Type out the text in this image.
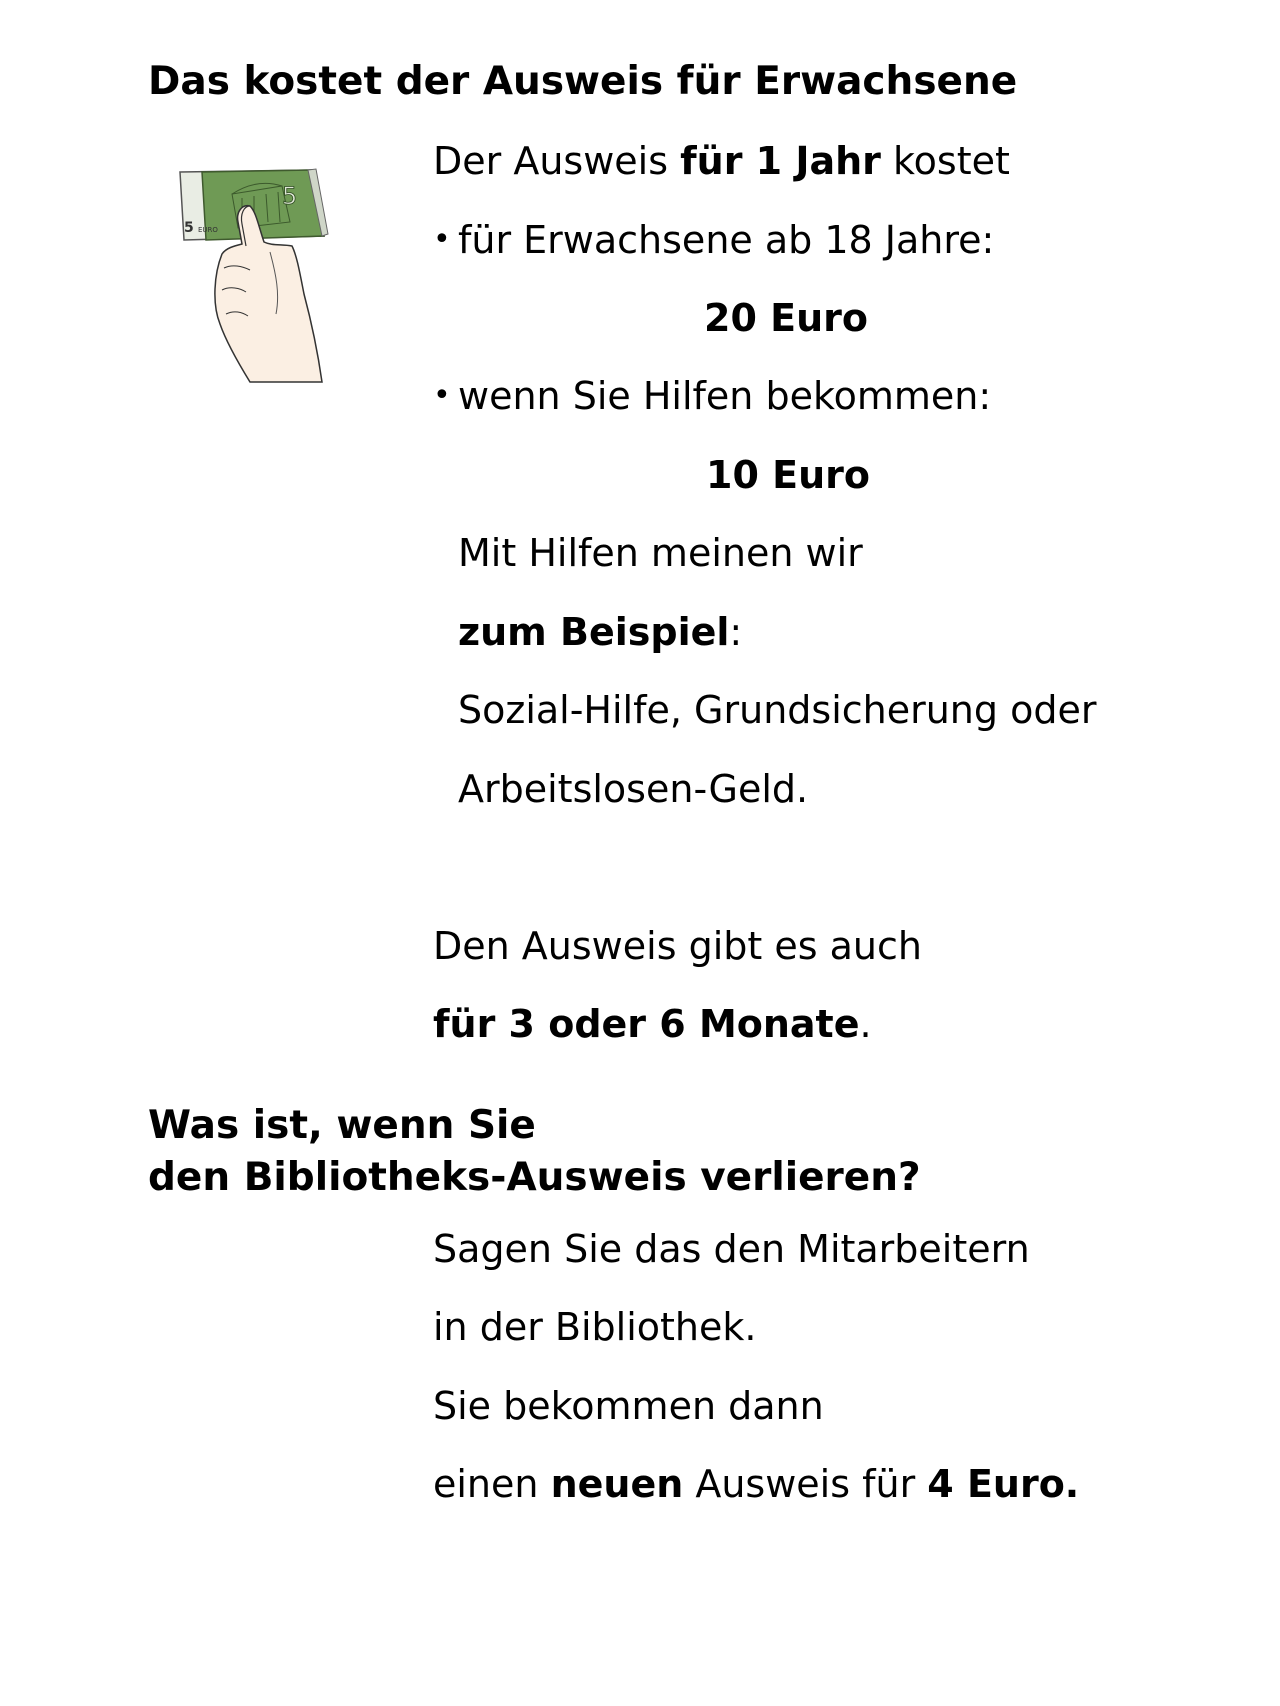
Das kostet der Ausweis für Erwachsene
5
5 EURO
Der Ausweis für 1 Jahr kostet
• für Erwachsene ab 18 Jahre:
20 Euro
• wenn Sie Hilfen bekommen:
10 Euro
Mit Hilfen meinen wir
zum Beispiel:
Sozial-Hilfe, Grundsicherung oder
Arbeitslosen-Geld.
Den Ausweis gibt es auch
für 3 oder 6 Monate.
Was ist, wenn Sie
den Bibliotheks-Ausweis verlieren?
Sagen Sie das den Mitarbeitern
in der Bibliothek.
Sie bekommen dann
einen neuen Ausweis für 4 Euro.
